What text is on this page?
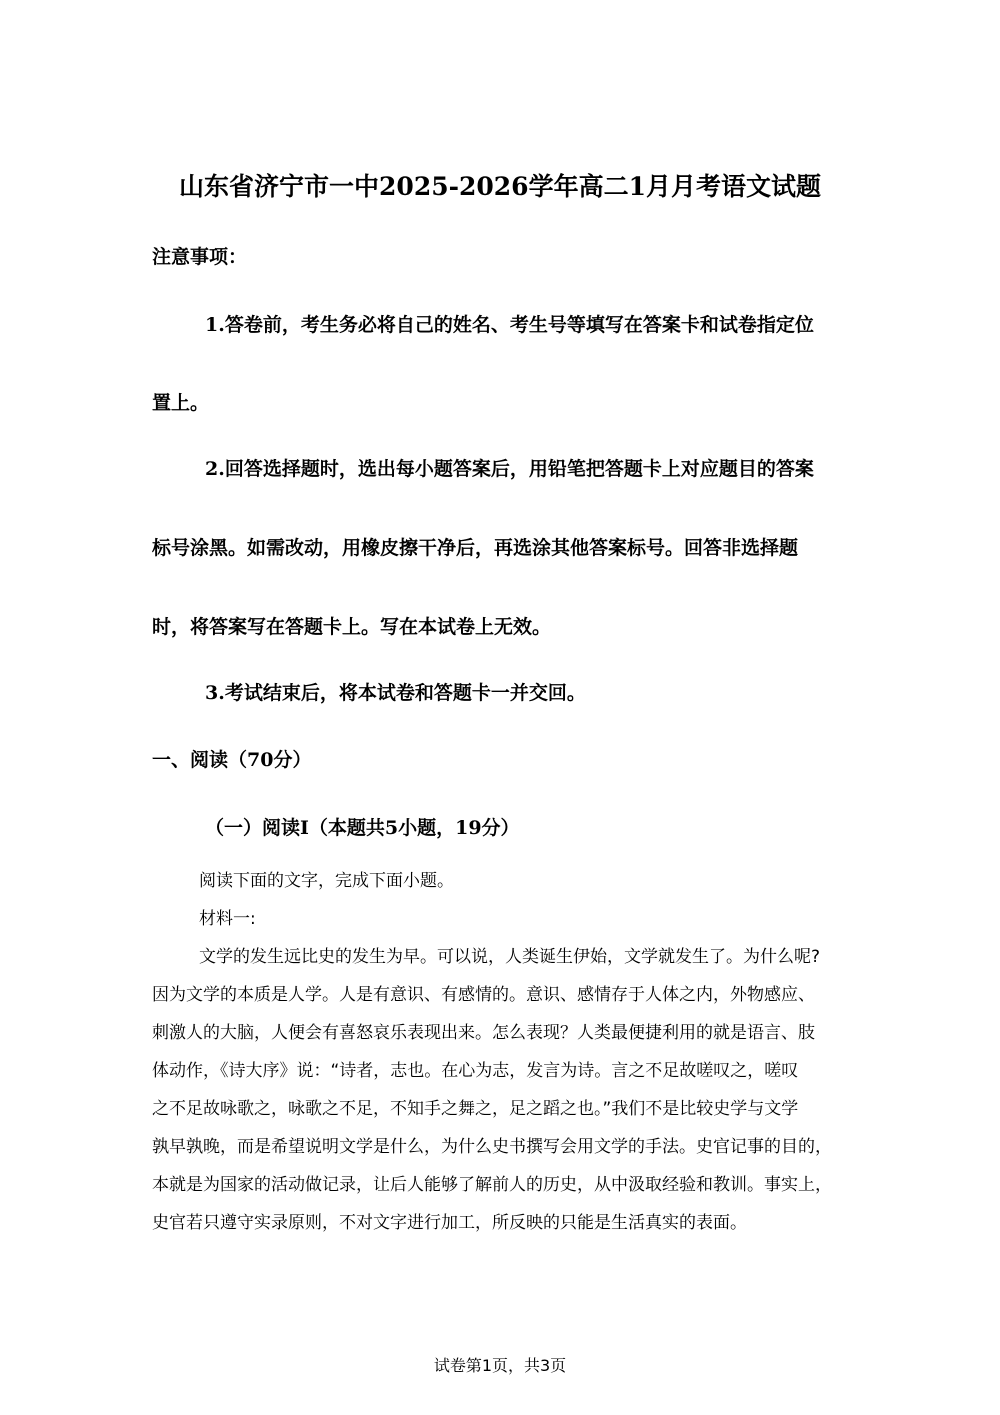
山东省济宁市一中2025-2026学年高二1月月考语文试题
注意事项：
1.答卷前，考生务必将自己的姓名、考生号等填写在答案卡和试卷指定位
置上。
2.回答选择题时，选出每小题答案后，用铅笔把答题卡上对应题目的答案
标号涂黑。如需改动，用橡皮擦干净后，再选涂其他答案标号。回答非选择题
时，将答案写在答题卡上。写在本试卷上无效。
3.考试结束后，将本试卷和答题卡一并交回。
一、阅读（70分）
（一）阅读Ⅰ（本题共5小题，19分）
阅读下面的文字，完成下面小题。
材料一:
文学的发生远比史的发生为早。可以说，人类诞生伊始，文学就发生了。为什么呢?
因为文学的本质是人学。人是有意识、有感情的。意识、感情存于人体之内，外物感应、
刺激人的大脑，人便会有喜怒哀乐表现出来。怎么表现？人类最便捷利用的就是语言、肢
体动作，《诗大序》说：“诗者，志也。在心为志，发言为诗。言之不足故嗟叹之，嗟叹
之不足故咏歌之，咏歌之不足，不知手之舞之，足之蹈之也。”我们不是比较史学与文学
孰早孰晚，而是希望说明文学是什么，为什么史书撰写会用文学的手法。史官记事的目的，
本就是为国家的活动做记录，让后人能够了解前人的历史，从中汲取经验和教训。事实上，
史官若只遵守实录原则，不对文字进行加工，所反映的只能是生活真实的表面。
试卷第1页，共3页
